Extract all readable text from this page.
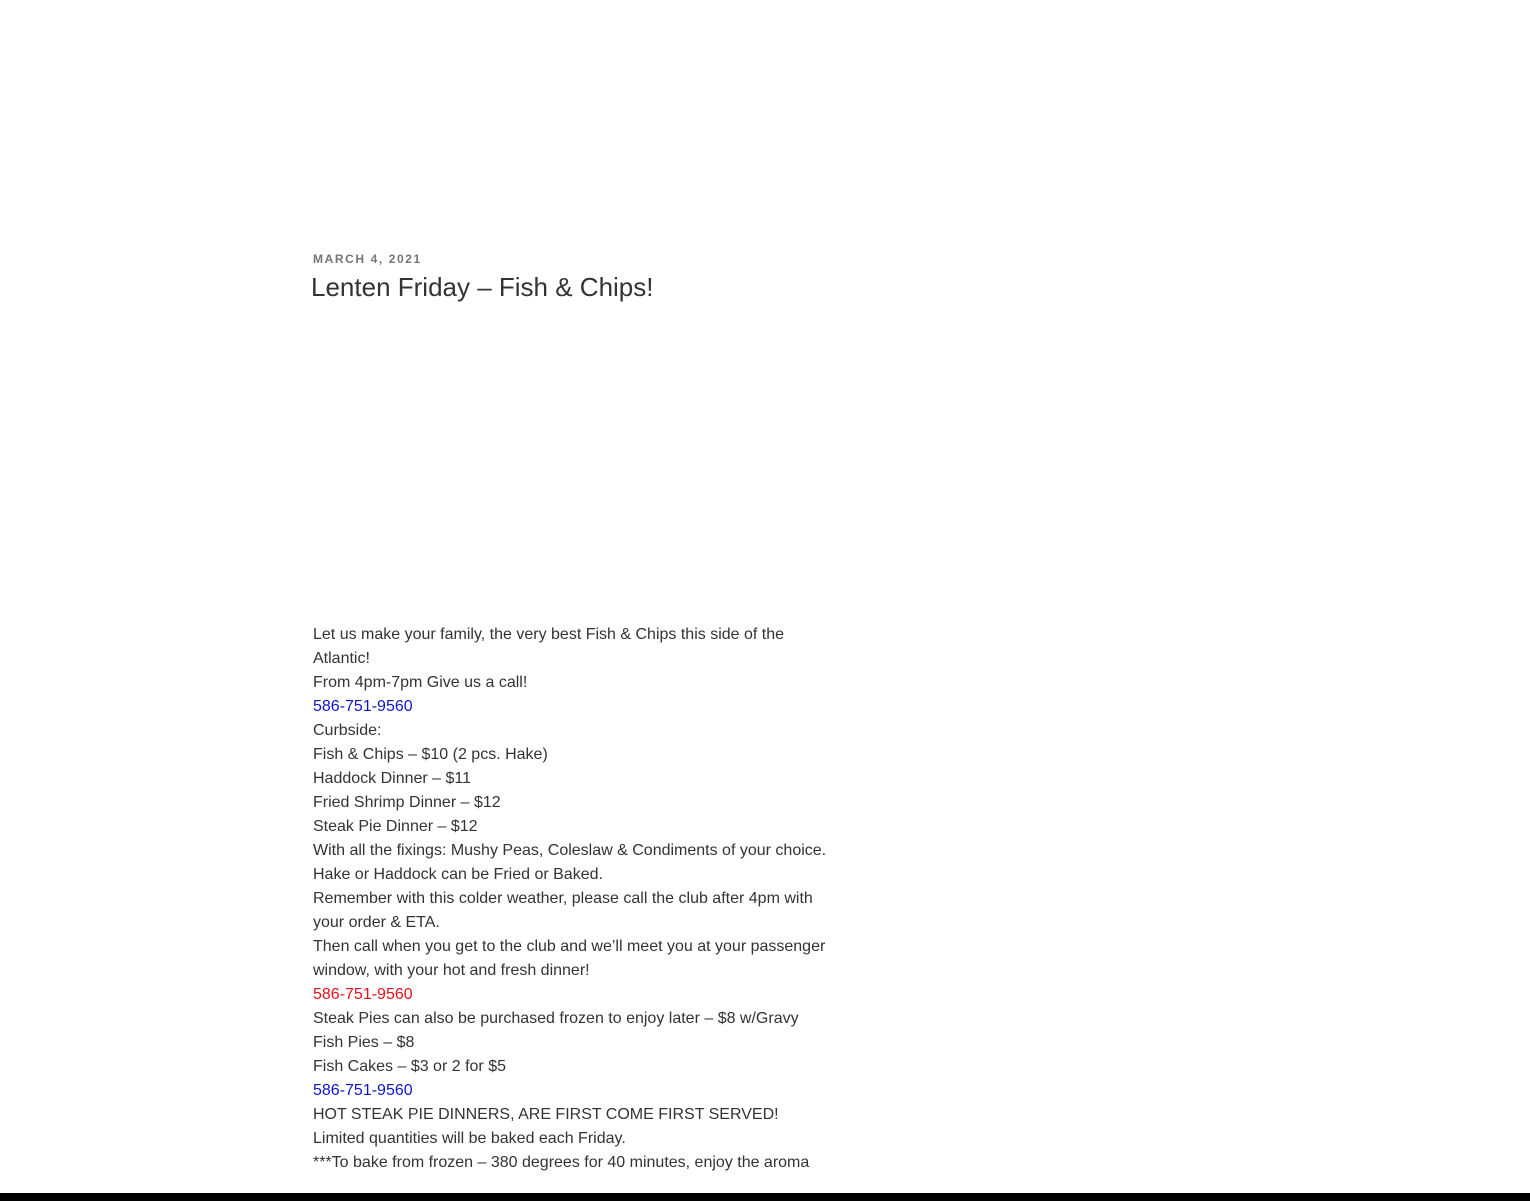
MARCH 4, 2021
Lenten Friday – Fish & Chips!
Let us make your family, the very best Fish & Chips this side of the Atlantic!
From 4pm-7pm Give us a call!
586-751-9560
Curbside:
Fish & Chips – $10 (2 pcs. Hake)
Haddock Dinner – $11
Fried Shrimp Dinner – $12
Steak Pie Dinner – $12
With all the fixings: Mushy Peas, Coleslaw & Condiments of your choice.
Hake or Haddock can be Fried or Baked.
Remember with this colder weather, please call the club after 4pm with your order & ETA.
Then call when you get to the club and we’ll meet you at your passenger window, with your hot and fresh dinner!
586-751-9560
Steak Pies can also be purchased frozen to enjoy later – $8 w/Gravy
Fish Pies – $8
Fish Cakes – $3 or 2 for $5
586-751-9560
HOT STEAK PIE DINNERS, ARE FIRST COME FIRST SERVED!
Limited quantities will be baked each Friday.
***To bake from frozen – 380 degrees for 40 minutes, enjoy the aroma
